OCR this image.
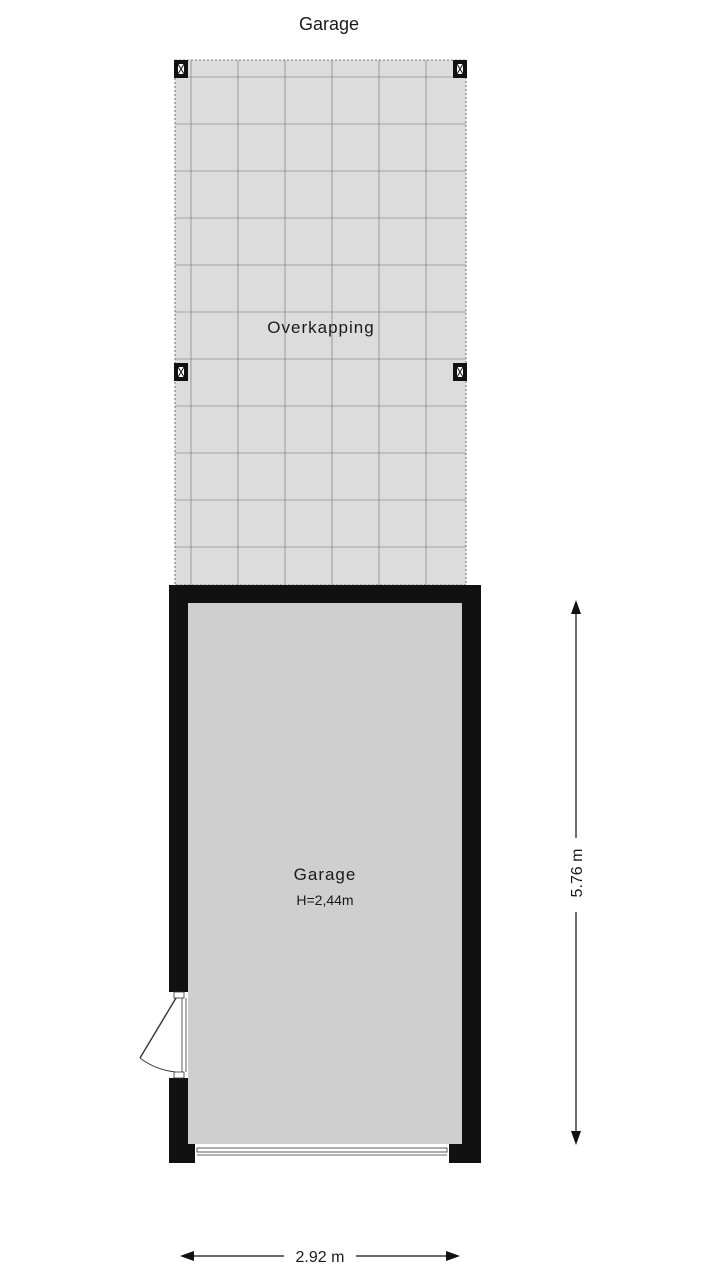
Garage
Overkapping
Garage
H=2,44m
5.76 m
2.92 m
